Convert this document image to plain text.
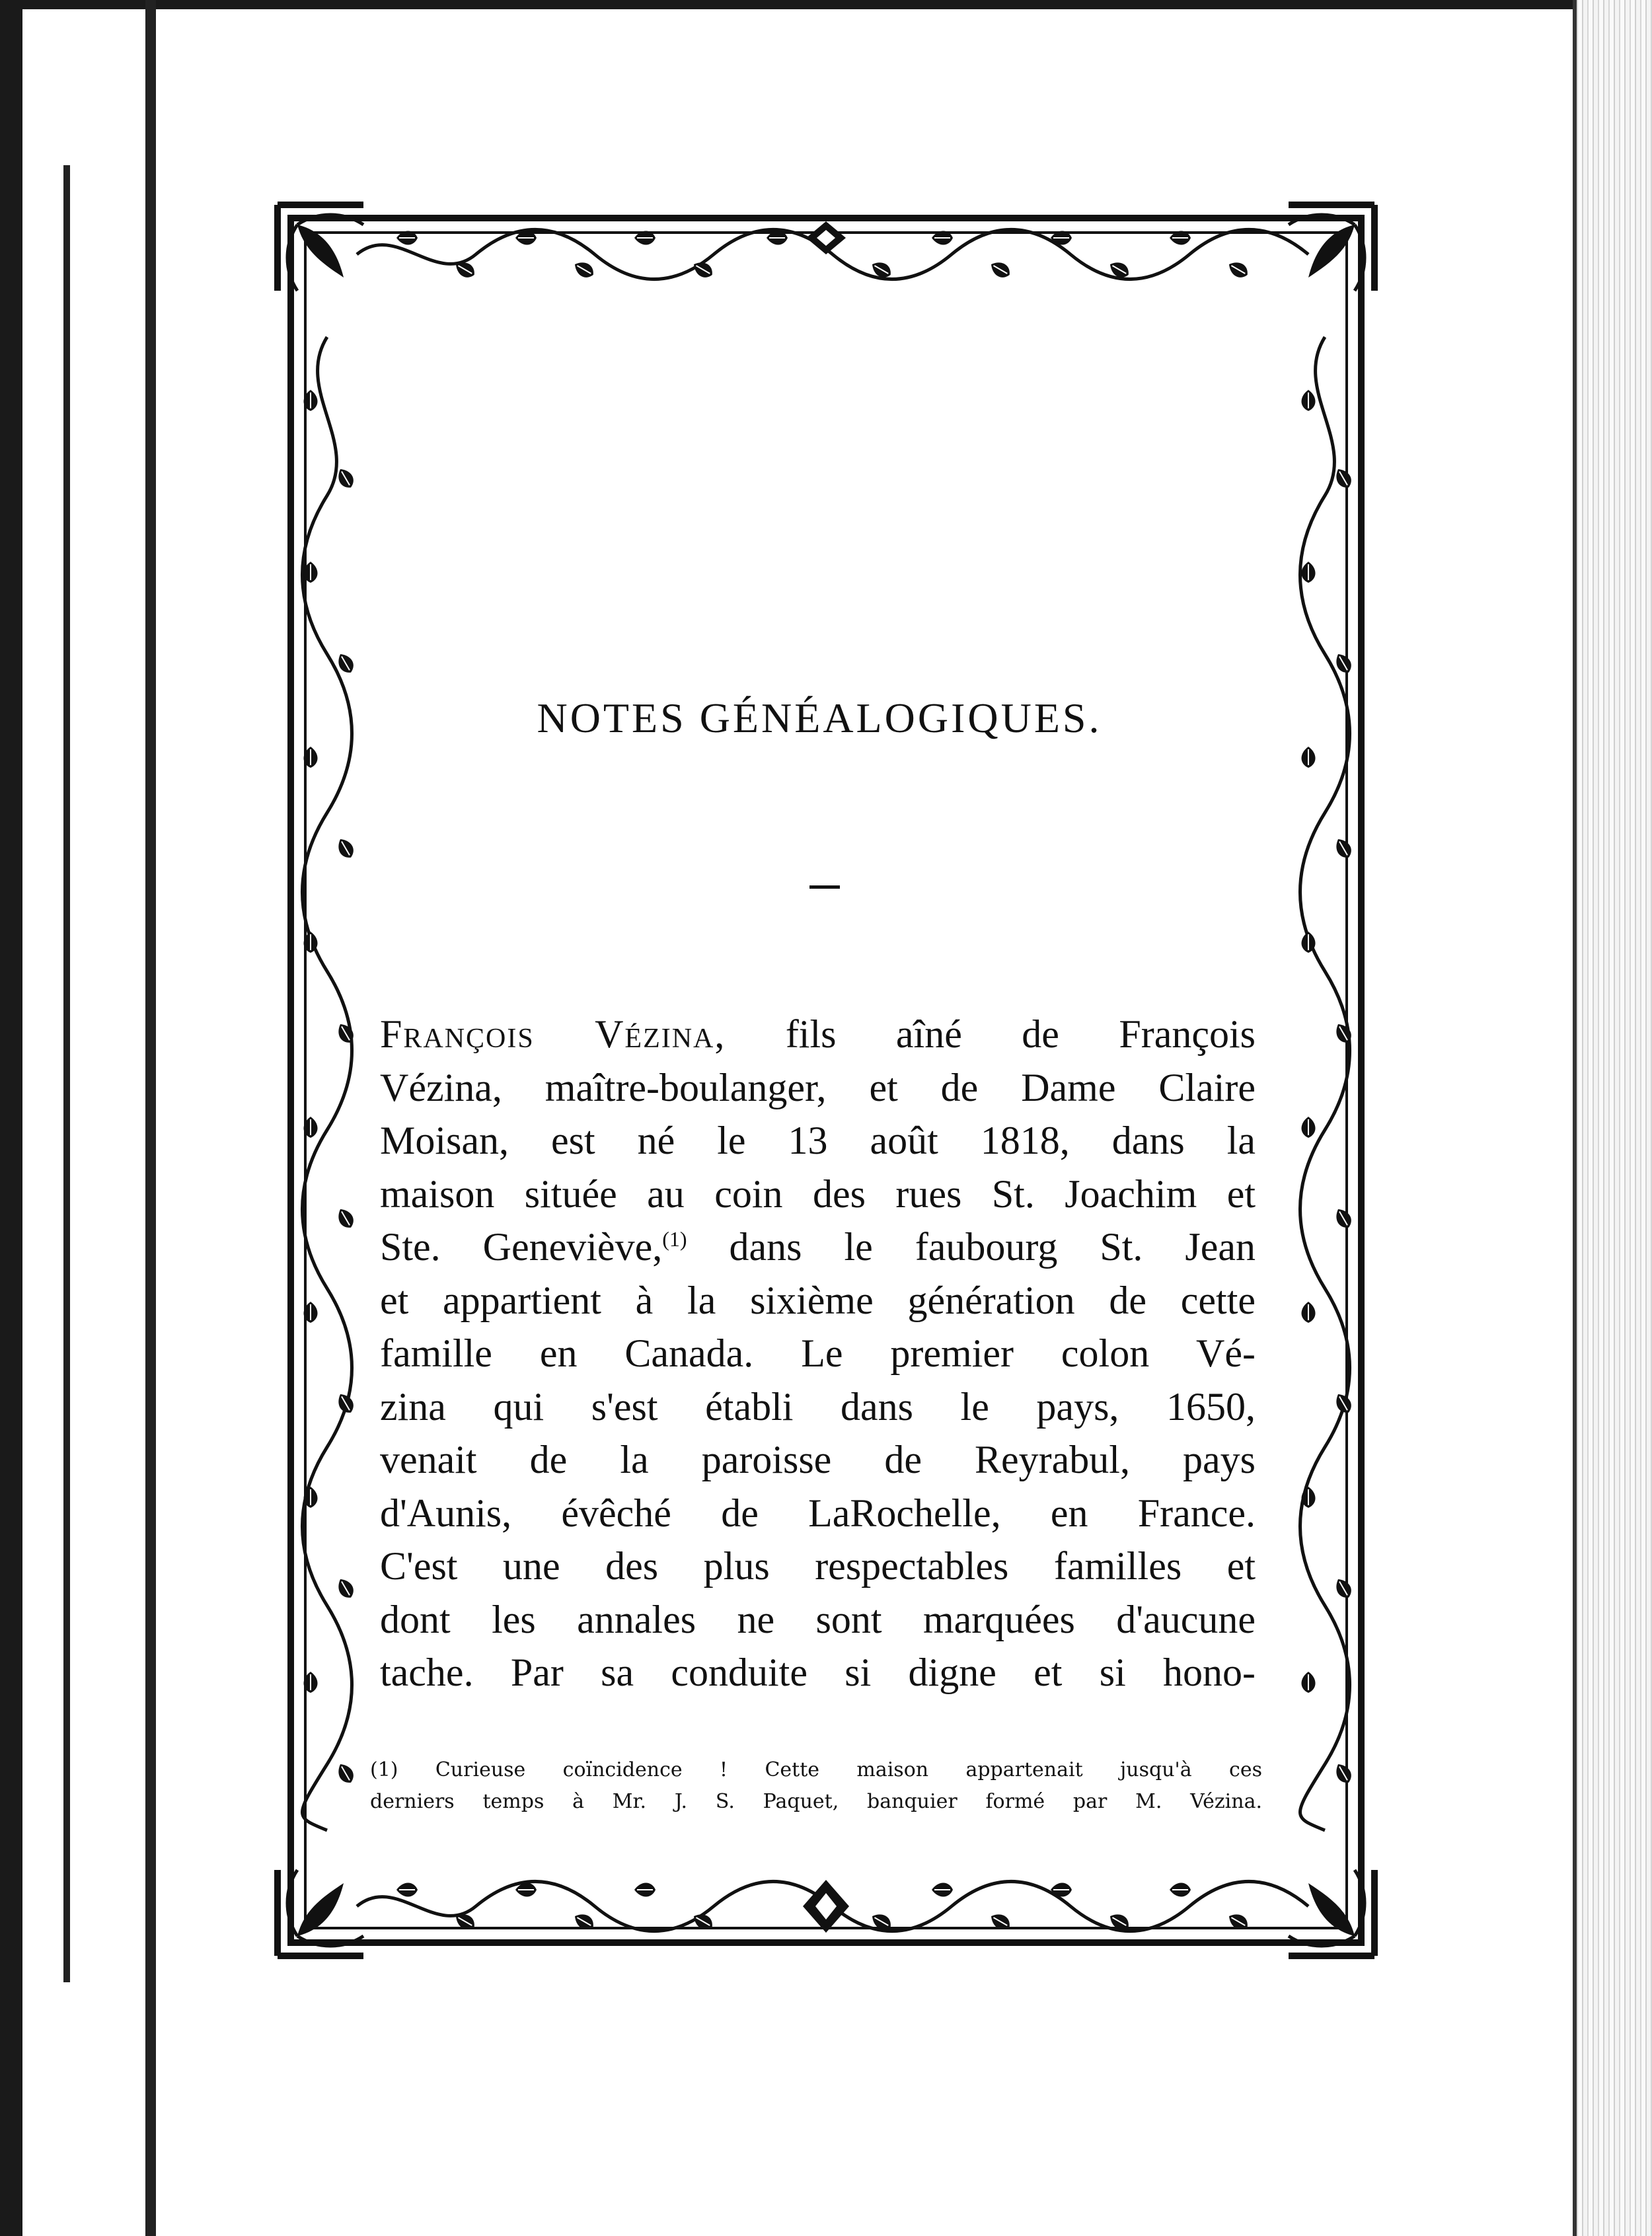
NOTES GÉNÉALOGIQUES.
François Vézina, fils aîné de François
Vézina, maître-boulanger, et de Dame Claire
Moisan, est né le 13 août 1818, dans la
maison située au coin des rues St. Joachim et
Ste. Geneviève,$^{(1)}$ dans le faubourg St. Jean
et appartient à la sixième génération de cette
famille en Canada. Le premier colon Vé-
zina qui s'est établi dans le pays, 1650,
venait de la paroisse de Reyrabul, pays
d'Aunis, évêché de LaRochelle, en France.
C'est une des plus respectables familles et
dont les annales ne sont marquées d'aucune
tache. Par sa conduite si digne et si hono-
(1) Curieuse coïncidence ! Cette maison appartenait jusqu'à ces
derniers temps à Mr. J. S. Paquet, banquier formé par M. Vézina.
